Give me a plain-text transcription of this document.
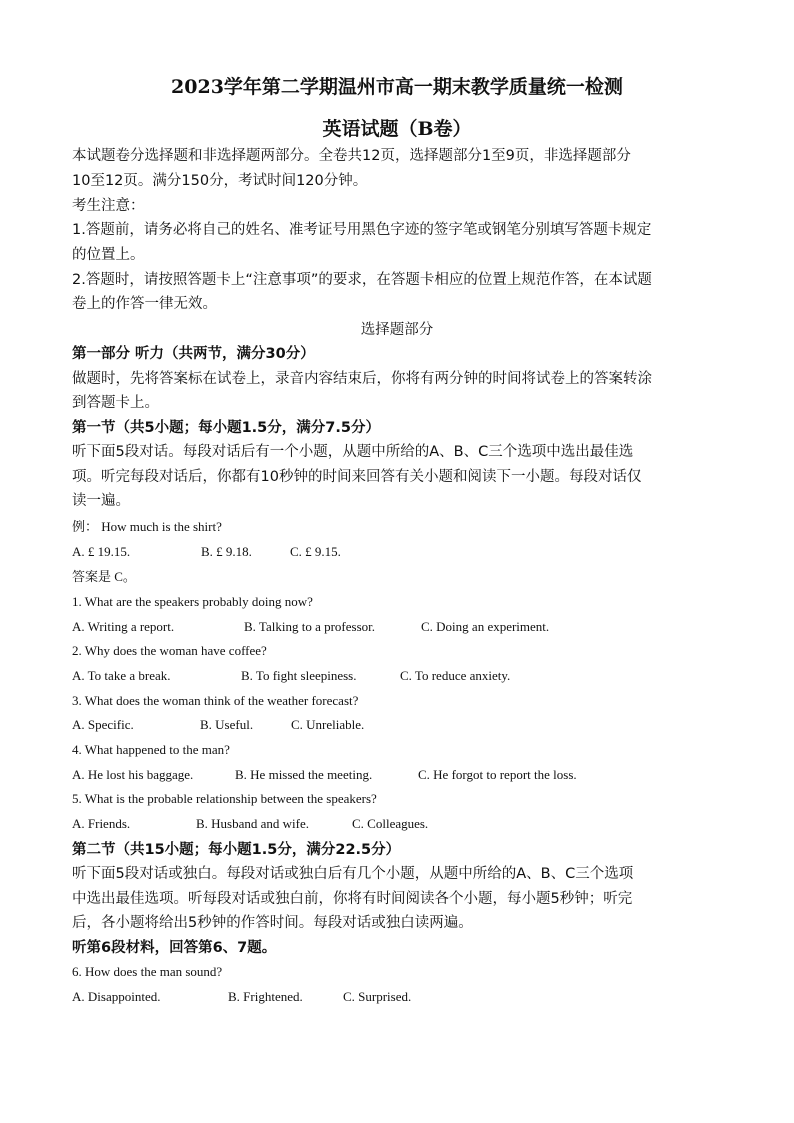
2023学年第二学期温州市高一期末教学质量统一检测
英语试题（B卷）
本试题卷分选择题和非选择题两部分。全卷共12页，选择题部分1至9页，非选择题部分
10至12页。满分150分，考试时间120分钟。
考生注意：
1.答题前，请务必将自己的姓名、准考证号用黑色字迹的签字笔或钢笔分别填写答题卡规定
的位置上。
2.答题时，请按照答题卡上“注意事项”的要求，在答题卡相应的位置上规范作答，在本试题
卷上的作答一律无效。
选择题部分
第一部分 听力（共两节，满分30分）
做题时，先将答案标在试卷上，录音内容结束后，你将有两分钟的时间将试卷上的答案转涂
到答题卡上。
第一节（共5小题；每小题1.5分，满分7.5分）
听下面5段对话。每段对话后有一个小题，从题中所给的A、B、C三个选项中选出最佳选
项。听完每段对话后，你都有10秒钟的时间来回答有关小题和阅读下一小题。每段对话仅
读一遍。
例： How much is the shirt?
A. £ 19.15.	B. £ 9.18.	C. £ 9.15.
答案是 C。
1. What are the speakers probably doing now?
A. Writing a report.	B. Talking to a professor.	C. Doing an experiment.
2. Why does the woman have coffee?
A. To take a break.	B. To fight sleepiness.	C. To reduce anxiety.
3. What does the woman think of the weather forecast?
A. Specific.	B. Useful.	C. Unreliable.
4. What happened to the man?
A. He lost his baggage.	B. He missed the meeting.	C. He forgot to report the loss.
5. What is the probable relationship between the speakers?
A. Friends.	B. Husband and wife.	C. Colleagues.
第二节（共15小题；每小题1.5分，满分22.5分）
听下面5段对话或独白。每段对话或独白后有几个小题，从题中所给的A、B、C三个选项
中选出最佳选项。听每段对话或独白前，你将有时间阅读各个小题，每小题5秒钟；听完
后，各小题将给出5秒钟的作答时间。每段对话或独白读两遍。
听第6段材料，回答第6、7题。
6. How does the man sound?
A. Disappointed.	B. Frightened.	C. Surprised.
